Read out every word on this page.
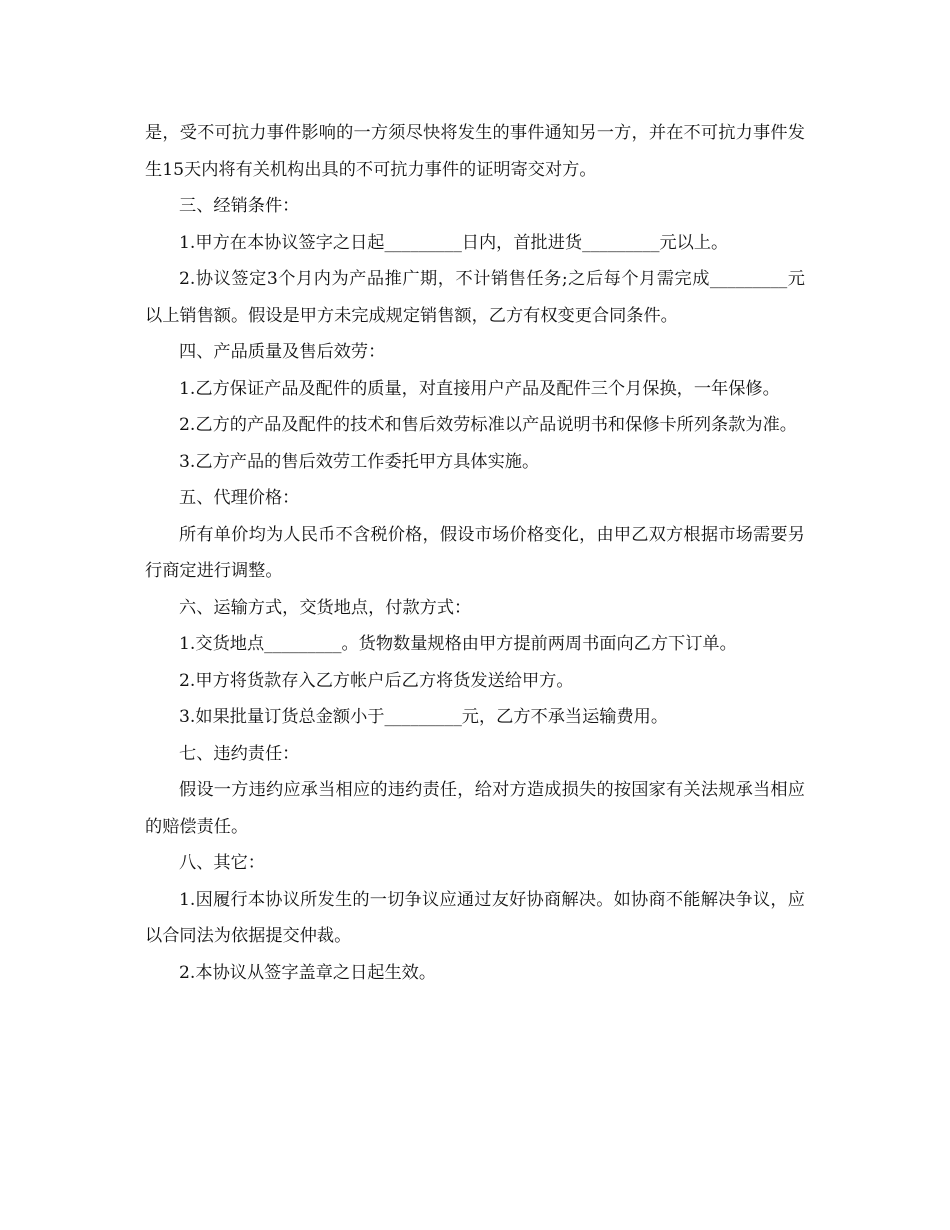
是，受不可抗力事件影响的一方须尽快将发生的事件通知另一方，并在不可抗力事件发生15天内将有关机构出具的不可抗力事件的证明寄交对方。

三、经销条件：

1.甲方在本协议签字之日起_________日内，首批进货_________元以上。

2.协议签定3个月内为产品推广期，不计销售任务;之后每个月需完成_________元以上销售额。假设是甲方未完成规定销售额，乙方有权变更合同条件。

四、产品质量及售后效劳：

1.乙方保证产品及配件的质量，对直接用户产品及配件三个月保换，一年保修。

2.乙方的产品及配件的技术和售后效劳标准以产品说明书和保修卡所列条款为准。

3.乙方产品的售后效劳工作委托甲方具体实施。

五、代理价格：

所有单价均为人民币不含税价格，假设市场价格变化，由甲乙双方根据市场需要另行商定进行调整。

六、运输方式，交货地点，付款方式：

1.交货地点_________。货物数量规格由甲方提前两周书面向乙方下订单。

2.甲方将货款存入乙方帐户后乙方将货发送给甲方。

3.如果批量订货总金额小于_________元，乙方不承当运输费用。

七、违约责任：

假设一方违约应承当相应的违约责任，给对方造成损失的按国家有关法规承当相应的赔偿责任。

八、其它：

1.因履行本协议所发生的一切争议应通过友好协商解决。如协商不能解决争议，应以合同法为依据提交仲裁。

2.本协议从签字盖章之日起生效。
